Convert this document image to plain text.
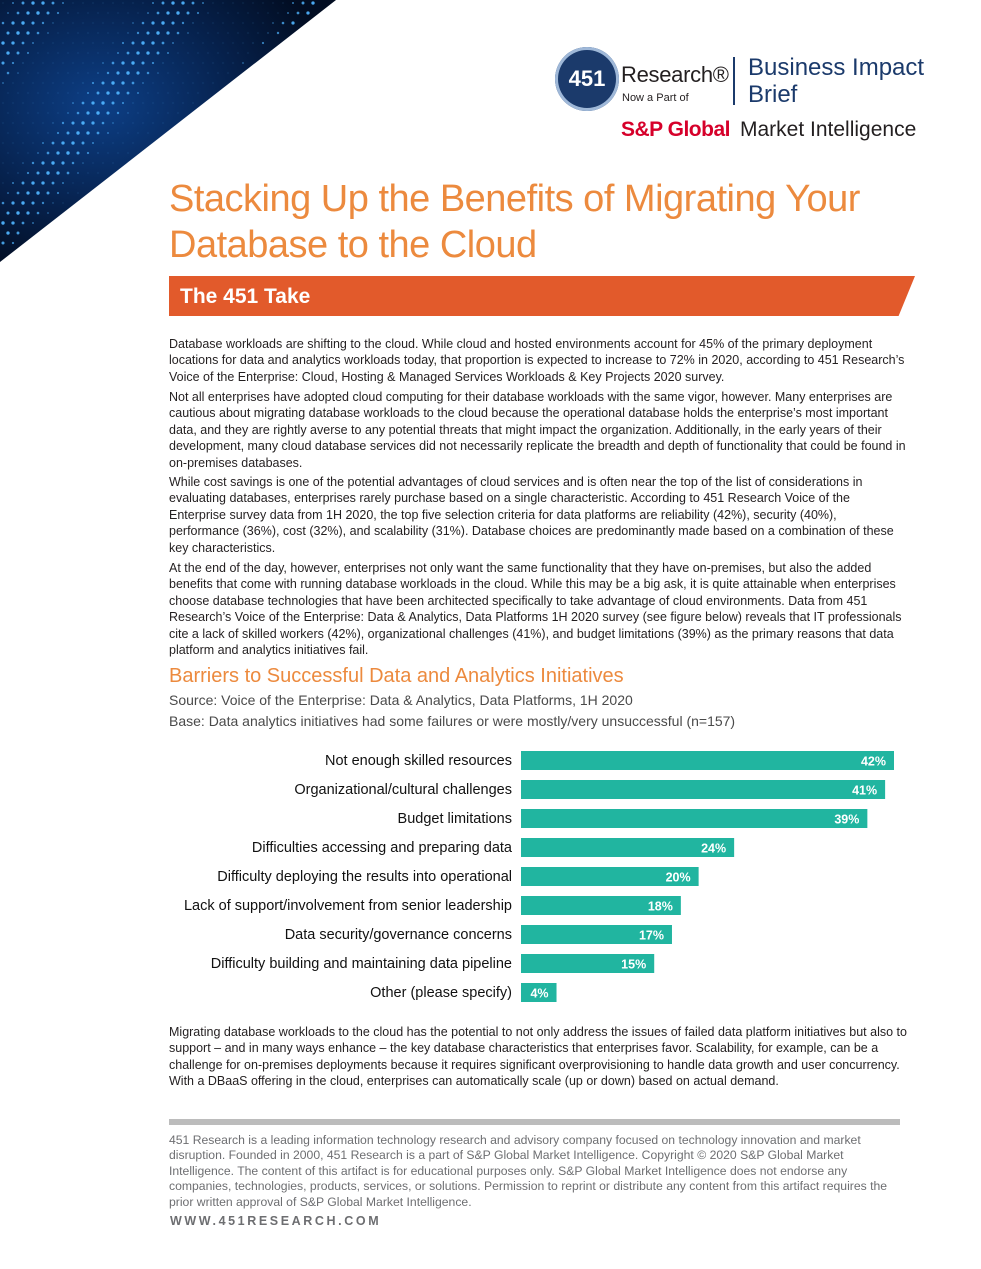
451 Research®
Now a Part of
Business Impact Brief
S&P Global Market Intelligence
Stacking Up the Benefits of Migrating Your Database to the Cloud
The 451 Take

Database workloads are shifting to the cloud. While cloud and hosted environments account for 45% of the primary deployment locations for data and analytics workloads today, that proportion is expected to increase to 72% in 2020, according to 451 Research’s Voice of the Enterprise: Cloud, Hosting & Managed Services Workloads & Key Projects 2020 survey.

Not all enterprises have adopted cloud computing for their database workloads with the same vigor, however. Many enterprises are cautious about migrating database workloads to the cloud because the operational database holds the enterprise’s most important data, and they are rightly averse to any potential threats that might impact the organization. Additionally, in the early years of their development, many cloud database services did not necessarily replicate the breadth and depth of functionality that could be found in on-premises databases.

While cost savings is one of the potential advantages of cloud services and is often near the top of the list of considerations in evaluating databases, enterprises rarely purchase based on a single characteristic. According to 451 Research Voice of the Enterprise survey data from 1H 2020, the top five selection criteria for data platforms are reliability (42%), security (40%), performance (36%), cost (32%), and scalability (31%). Database choices are predominantly made based on a combination of these key characteristics.

At the end of the day, however, enterprises not only want the same functionality that they have on-premises, but also the added benefits that come with running database workloads in the cloud. While this may be a big ask, it is quite attainable when enterprises choose database technologies that have been architected specifically to take advantage of cloud environments. Data from 451 Research’s Voice of the Enterprise: Data & Analytics, Data Platforms 1H 2020 survey (see figure below) reveals that IT professionals cite a lack of skilled workers (42%), organizational challenges (41%), and budget limitations (39%) as the primary reasons that data platform and analytics initiatives fail.

Barriers to Successful Data and Analytics Initiatives
Source: Voice of the Enterprise: Data & Analytics, Data Platforms, 1H 2020
Base: Data analytics initiatives had some failures or were mostly/very unsuccessful (n=157)
Not enough skilled resources	42%
Organizational/cultural challenges	41%
Budget limitations	39%
Difficulties accessing and preparing data	24%
Difficulty deploying the results into operational	20%
Lack of support/involvement from senior leadership	18%
Data security/governance concerns	17%
Difficulty building and maintaining data pipeline	15%
Other (please specify) 4%

Migrating database workloads to the cloud has the potential to not only address the issues of failed data platform initiatives but also to support – and in many ways enhance – the key database characteristics that enterprises favor. Scalability, for example, can be a challenge for on-premises deployments because it requires significant overprovisioning to handle data growth and user concurrency. With a DBaaS offering in the cloud, enterprises can automatically scale (up or down) based on actual demand.

451 Research is a leading information technology research and advisory company focused on technology innovation and market disruption. Founded in 2000, 451 Research is a part of S&P Global Market Intelligence. Copyright © 2020 S&P Global Market Intelligence. The content of this artifact is for educational purposes only. S&P Global Market Intelligence does not endorse any companies, technologies, products, services, or solutions. Permission to reprint or distribute any content from this artifact requires the prior written approval of S&P Global Market Intelligence.

WWW.451RESEARCH.COM
